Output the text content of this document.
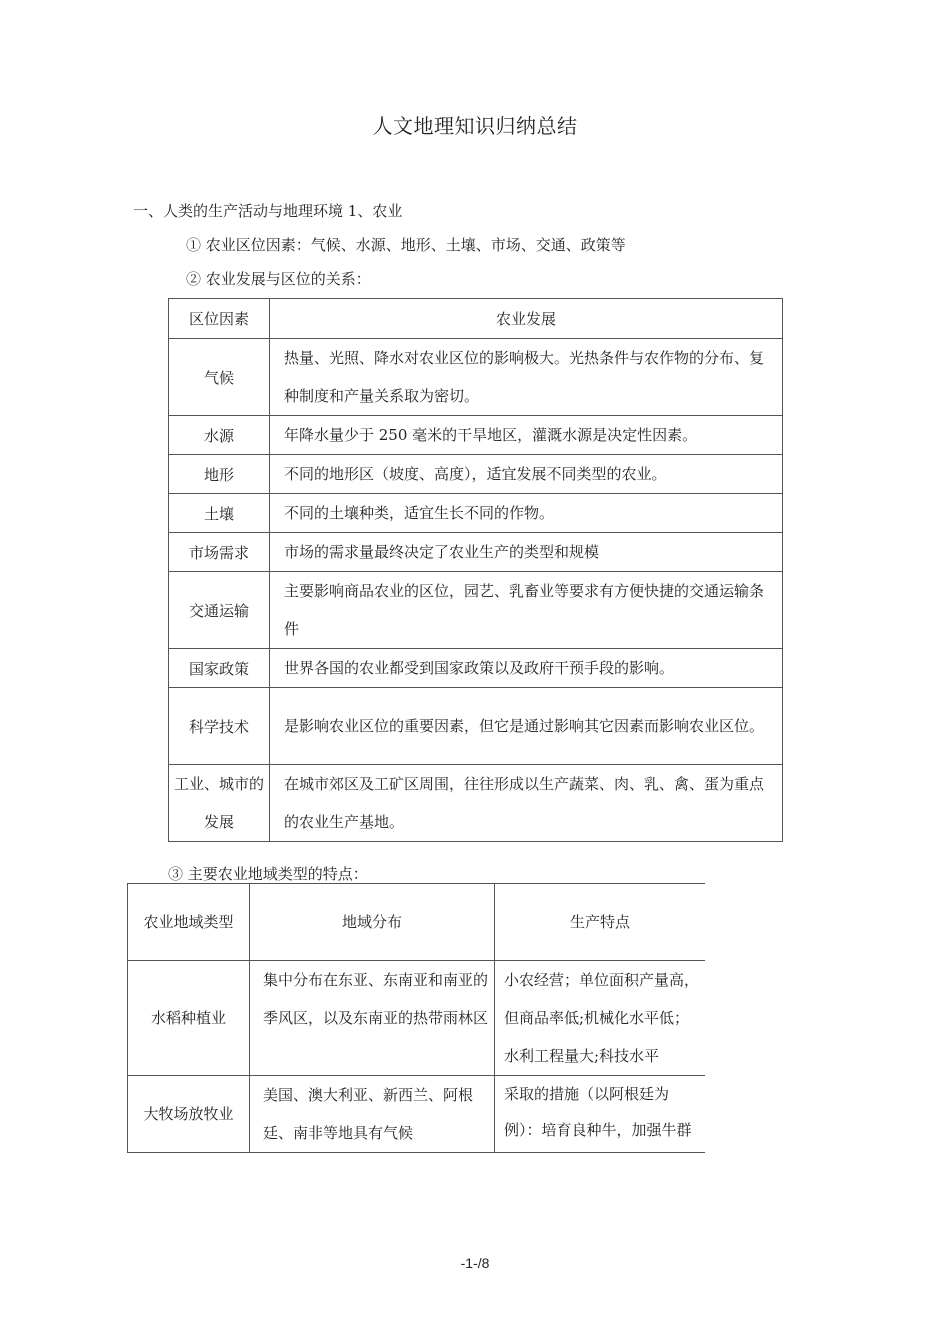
人文地理知识归纳总结
一、人类的生产活动与地理环境 1、农业
① 农业区位因素：气候、水源、地形、土壤、市场、交通、政策等
② 农业发展与区位的关系：
区位因素	农业发展
气候	热量、光照、降水对农业区位的影响极大。光热条件与农作物的分布、复种制度和产量关系取为密切。
水源	年降水量少于 250 毫米的干旱地区，灌溉水源是决定性因素。
地形	不同的地形区（坡度、高度），适宜发展不同类型的农业。
土壤	不同的土壤种类，适宜生长不同的作物。
市场需求	市场的需求量最终决定了农业生产的类型和规模
交通运输	主要影响商品农业的区位，园艺、乳畜业等要求有方便快捷的交通运输条件
国家政策	世界各国的农业都受到国家政策以及政府干预手段的影响。
科学技术	是影响农业区位的重要因素，但它是通过影响其它因素而影响农业区位。
工业、城市的发展	在城市郊区及工矿区周围，往往形成以生产蔬菜、肉、乳、禽、蛋为重点的农业生产基地。
③ 主要农业地域类型的特点：
农业地域类型	地域分布	生产特点
水稻种植业	集中分布在东亚、东南亚和南亚的季风区，以及东南亚的热带雨林区	小农经营；单位面积产量高，但商品率低;机械化水平低；水利工程量大;科技水平
大牧场放牧业	美国、澳大利亚、新西兰、阿根廷、南非等地具有气候	采取的措施（以阿根廷为例）：培育良种牛，加强牛群
-1-/8
